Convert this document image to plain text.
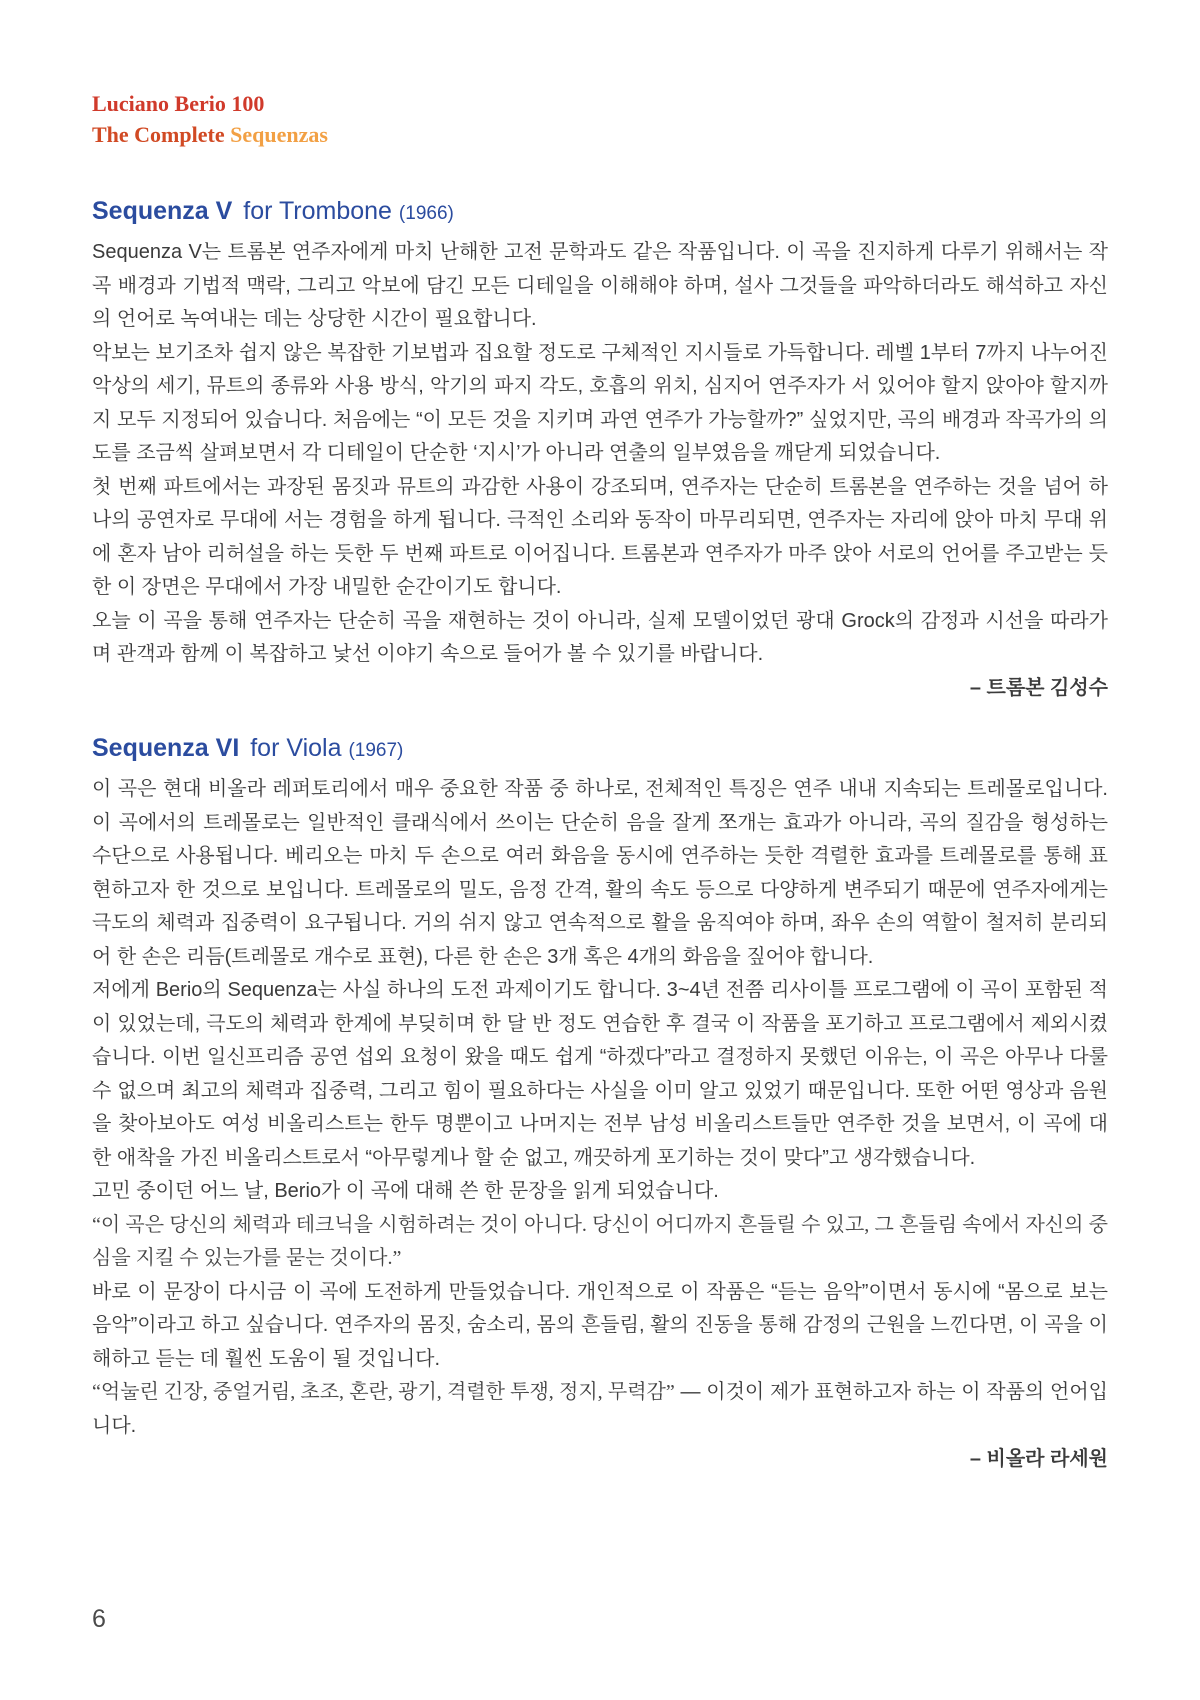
Luciano Berio 100
The Complete Sequenzas
Sequenza V for Trombone (1966)

Sequenza V는 트롬본 연주자에게 마치 난해한 고전 문학과도 같은 작품입니다. 이 곡을 진지하게 다루기 위해서는 작곡 배경과 기법적 맥락, 그리고 악보에 담긴 모든 디테일을 이해해야 하며, 설사 그것들을 파악하더라도 해석하고 자신의 언어로 녹여내는 데는 상당한 시간이 필요합니다.

악보는 보기조차 쉽지 않은 복잡한 기보법과 집요할 정도로 구체적인 지시들로 가득합니다. 레벨 1부터 7까지 나누어진 악상의 세기, 뮤트의 종류와 사용 방식, 악기의 파지 각도, 호흡의 위치, 심지어 연주자가 서 있어야 할지 앉아야 할지까지 모두 지정되어 있습니다. 처음에는 “이 모든 것을 지키며 과연 연주가 가능할까?” 싶었지만, 곡의 배경과 작곡가의 의도를 조금씩 살펴보면서 각 디테일이 단순한 ‘지시’가 아니라 연출의 일부였음을 깨닫게 되었습니다.

첫 번째 파트에서는 과장된 몸짓과 뮤트의 과감한 사용이 강조되며, 연주자는 단순히 트롬본을 연주하는 것을 넘어 하나의 공연자로 무대에 서는 경험을 하게 됩니다. 극적인 소리와 동작이 마무리되면, 연주자는 자리에 앉아 마치 무대 위에 혼자 남아 리허설을 하는 듯한 두 번째 파트로 이어집니다. 트롬본과 연주자가 마주 앉아 서로의 언어를 주고받는 듯한 이 장면은 무대에서 가장 내밀한 순간이기도 합니다.

오늘 이 곡을 통해 연주자는 단순히 곡을 재현하는 것이 아니라, 실제 모델이었던 광대 Grock의 감정과 시선을 따라가며 관객과 함께 이 복잡하고 낯선 이야기 속으로 들어가 볼 수 있기를 바랍니다.

– 트롬본 김성수

Sequenza VI for Viola (1967)

이 곡은 현대 비올라 레퍼토리에서 매우 중요한 작품 중 하나로, 전체적인 특징은 연주 내내 지속되는 트레몰로입니다. 이 곡에서의 트레몰로는 일반적인 클래식에서 쓰이는 단순히 음을 잘게 쪼개는 효과가 아니라, 곡의 질감을 형성하는 수단으로 사용됩니다. 베리오는 마치 두 손으로 여러 화음을 동시에 연주하는 듯한 격렬한 효과를 트레몰로를 통해 표현하고자 한 것으로 보입니다. 트레몰로의 밀도, 음정 간격, 활의 속도 등으로 다양하게 변주되기 때문에 연주자에게는 극도의 체력과 집중력이 요구됩니다. 거의 쉬지 않고 연속적으로 활을 움직여야 하며, 좌우 손의 역할이 철저히 분리되어 한 손은 리듬(트레몰로 개수로 표현), 다른 한 손은 3개 혹은 4개의 화음을 짚어야 합니다.

저에게 Berio의 Sequenza는 사실 하나의 도전 과제이기도 합니다. 3~4년 전쯤 리사이틀 프로그램에 이 곡이 포함된 적이 있었는데, 극도의 체력과 한계에 부딪히며 한 달 반 정도 연습한 후 결국 이 작품을 포기하고 프로그램에서 제외시켰습니다. 이번 일신프리즘 공연 섭외 요청이 왔을 때도 쉽게 “하겠다”라고 결정하지 못했던 이유는, 이 곡은 아무나 다룰 수 없으며 최고의 체력과 집중력, 그리고 힘이 필요하다는 사실을 이미 알고 있었기 때문입니다. 또한 어떤 영상과 음원을 찾아보아도 여성 비올리스트는 한두 명뿐이고 나머지는 전부 남성 비올리스트들만 연주한 것을 보면서, 이 곡에 대한 애착을 가진 비올리스트로서 “아무렇게나 할 순 없고, 깨끗하게 포기하는 것이 맞다”고 생각했습니다.

고민 중이던 어느 날, Berio가 이 곡에 대해 쓴 한 문장을 읽게 되었습니다.

“이 곡은 당신의 체력과 테크닉을 시험하려는 것이 아니다. 당신이 어디까지 흔들릴 수 있고, 그 흔들림 속에서 자신의 중심을 지킬 수 있는가를 묻는 것이다.”

바로 이 문장이 다시금 이 곡에 도전하게 만들었습니다. 개인적으로 이 작품은 “듣는 음악”이면서 동시에 “몸으로 보는 음악”이라고 하고 싶습니다. 연주자의 몸짓, 숨소리, 몸의 흔들림, 활의 진동을 통해 감정의 근원을 느낀다면, 이 곡을 이해하고 듣는 데 훨씬 도움이 될 것입니다.

“억눌린 긴장, 중얼거림, 초조, 혼란, 광기, 격렬한 투쟁, 정지, 무력감” — 이것이 제가 표현하고자 하는 이 작품의 언어입니다.

– 비올라 라세원

6
